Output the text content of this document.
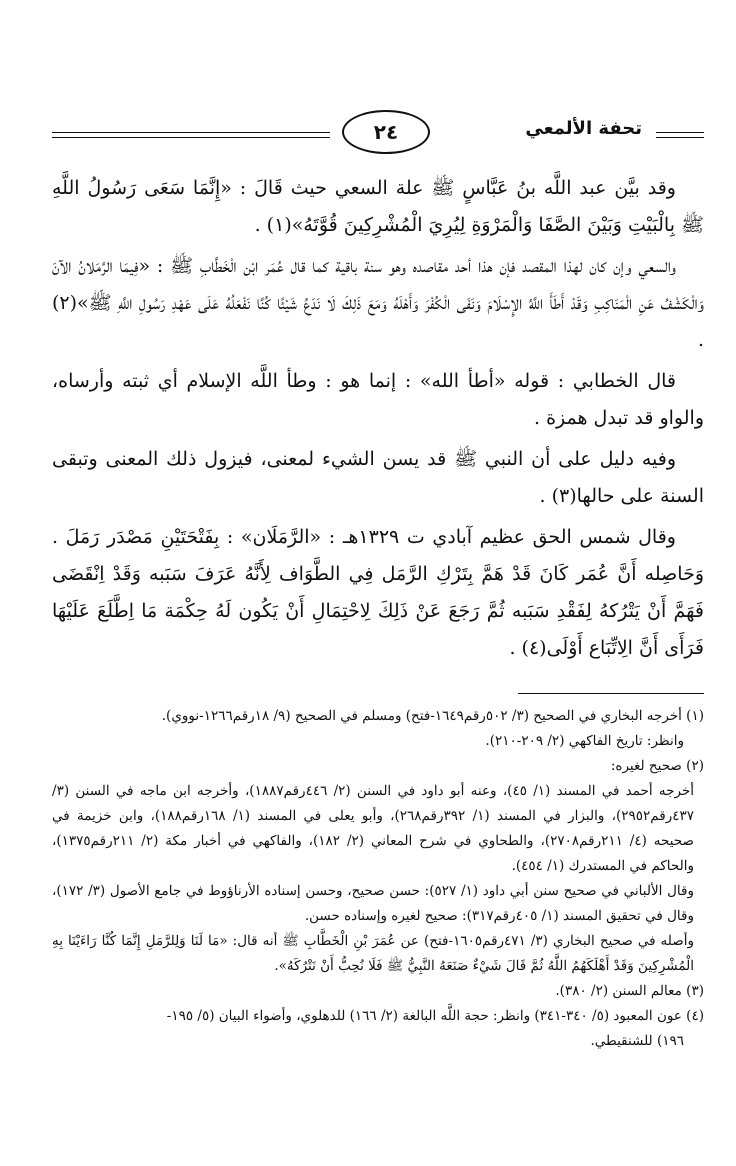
تحفة الألمعي
٢٤

وقد بيَّن عبد اللَّه بنُ عَبَّاسٍ ﷺ علة السعي حيث قَالَ : «إِنَّمَا سَعَى رَسُولُ اللَّهِ ﷺ بِالْبَيْتِ وَبَيْنَ الصَّفَا وَالْمَرْوَةِ لِيُرِيَ الْمُشْرِكِينَ قُوَّتَهُ»(١) .

والسعي وإن كان لهذا المقصد فإن هذا أحد مقاصده وهو سنة باقية كما قال عُمَر ابْن الْخَطَّابِ ﷺ : «فِيمَا الرَّمَلانُ الآنَ وَالْكَشْفُ عَنِ الْمَنَاكِبِ وَقَدْ أَطَأَ اللَّهُ الإِسْلَامَ وَنَفَى الْكُفْرَ وَأَهْلَهُ وَمَعَ ذَلِكَ لَا نَدَعُ شَيْئًا كُنَّا نَفْعَلُهُ عَلَى عَهْدِ رَسُولِ اللَّهِ ﷺ»(٢) .

قال الخطابي : قوله «أطأ الله» : إنما هو : وطأ اللَّه الإسلام أي ثبته وأرساه، والواو قد تبدل همزة .

وفيه دليل على أن النبي ﷺ قد يسن الشيء لمعنى، فيزول ذلك المعنى وتبقى السنة على حالها(٣) .

وقال شمس الحق عظيم آبادي ت ١٣٢٩هـ : «الرَّمَلَان» : بِفَتْحَتَيْنِ مَصْدَر رَمَلَ . وَحَاصِله أَنَّ عُمَر كَانَ قَدْ هَمَّ بِتَرْكِ الرَّمَل فِي الطَّوَاف لِأَنَّهُ عَرَفَ سَبَبه وَقَدْ اِنْقَضَى فَهَمَّ أَنْ يَتْرُكهُ لِفَقْدِ سَبَبه ثُمَّ رَجَعَ عَنْ ذَلِكَ لِاحْتِمَالِ أَنْ يَكُون لَهُ حِكْمَة مَا اِطَّلَعَ عَلَيْهَا فَرَأَى أَنَّ الِاتِّبَاع أَوْلَى(٤) .

(١) أخرجه البخاري في الصحيح (٣/ ٥٠٢رقم١٦٤٩-فتح) ومسلم في الصحيح (٩/ ١٨رقم١٢٦٦-نووي).

وانظر: تاريخ الفاكهي (٢/ ٢٠٩-٢١٠).

(٢) صحيح لغيره:

أخرجه أحمد في المسند (١/ ٤٥)، وعنه أبو داود في السنن (٢/ ٤٤٦رقم١٨٨٧)، وأخرجه ابن ماجه في السنن (٣/ ٤٣٧رقم٢٩٥٢)، والبزار في المسند (١/ ٣٩٢رقم٢٦٨)، وأبو يعلى في المسند (١/ ١٦٨رقم١٨٨)، وابن خزيمة في صحيحه (٤/ ٢١١رقم٢٧٠٨)، والطحاوي في شرح المعاني (٢/ ١٨٢)، والفاكهي في أخبار مكة (٢/ ٢١١رقم١٣٧٥)، والحاكم في المستدرك (١/ ٤٥٤).

وقال الألباني في صحيح سنن أبي داود (١/ ٥٢٧): حسن صحيح، وحسن إسناده الأرناؤوط في جامع الأصول (٣/ ١٧٢)، وقال في تحقيق المسند (١/ ٤٠٥رقم٣١٧): صحيح لغيره وإسناده حسن.

وأصله في صحيح البخاري (٣/ ٤٧١رقم١٦٠٥-فتح) عن عُمَرَ بْنِ الْخَطَّابِ ﷺ أنه قال: «مَا لَنَا وَلِلرَّمَلِ إِنَّمَا كُنَّا رَاءَيْنَا بِهِ الْمُشْرِكِينَ وَقَدْ أَهْلَكَهُمُ اللَّهُ ثُمَّ قَالَ شَيْءٌ صَنَعَهُ النَّبِيُّ ﷺ فَلَا نُحِبُّ أَنْ نَتْرُكَهُ».

(٣) معالم السنن (٢/ ٣٨٠).

(٤) عون المعبود (٥/ ٣٤٠-٣٤١) وانظر: حجة اللَّه البالغة (٢/ ١٦٦) للدهلوي، وأضواء البيان (٥/ ١٩٥-

١٩٦) للشنقيطي.
